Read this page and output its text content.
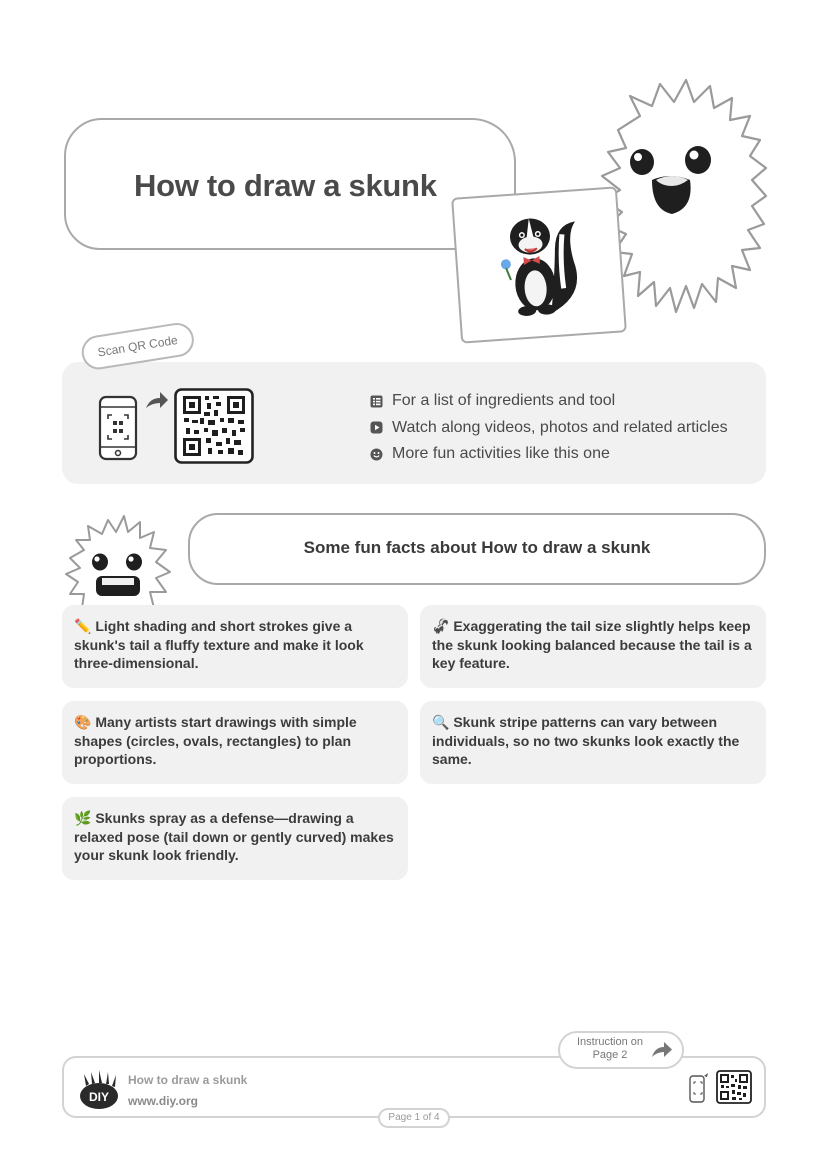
How to draw a skunk
Scan QR Code
For a list of ingredients and tool
Watch along videos, photos and related articles
More fun activities like this one
Some fun facts about How to draw a skunk
✏️ Light shading and short strokes give a skunk's tail a fluffy texture and make it look three-dimensional.
🦨 Exaggerating the tail size slightly helps keep the skunk looking balanced because the tail is a key feature.
🎨 Many artists start drawings with simple shapes (circles, ovals, rectangles) to plan proportions.
🔍 Skunk stripe patterns can vary between individuals, so no two skunks look exactly the same.
🌿 Skunks spray as a defense—drawing a relaxed pose (tail down or gently curved) makes your skunk look friendly.
Instruction on Page 2
DIY
How to draw a skunk
www.diy.org
Page 1 of 4
